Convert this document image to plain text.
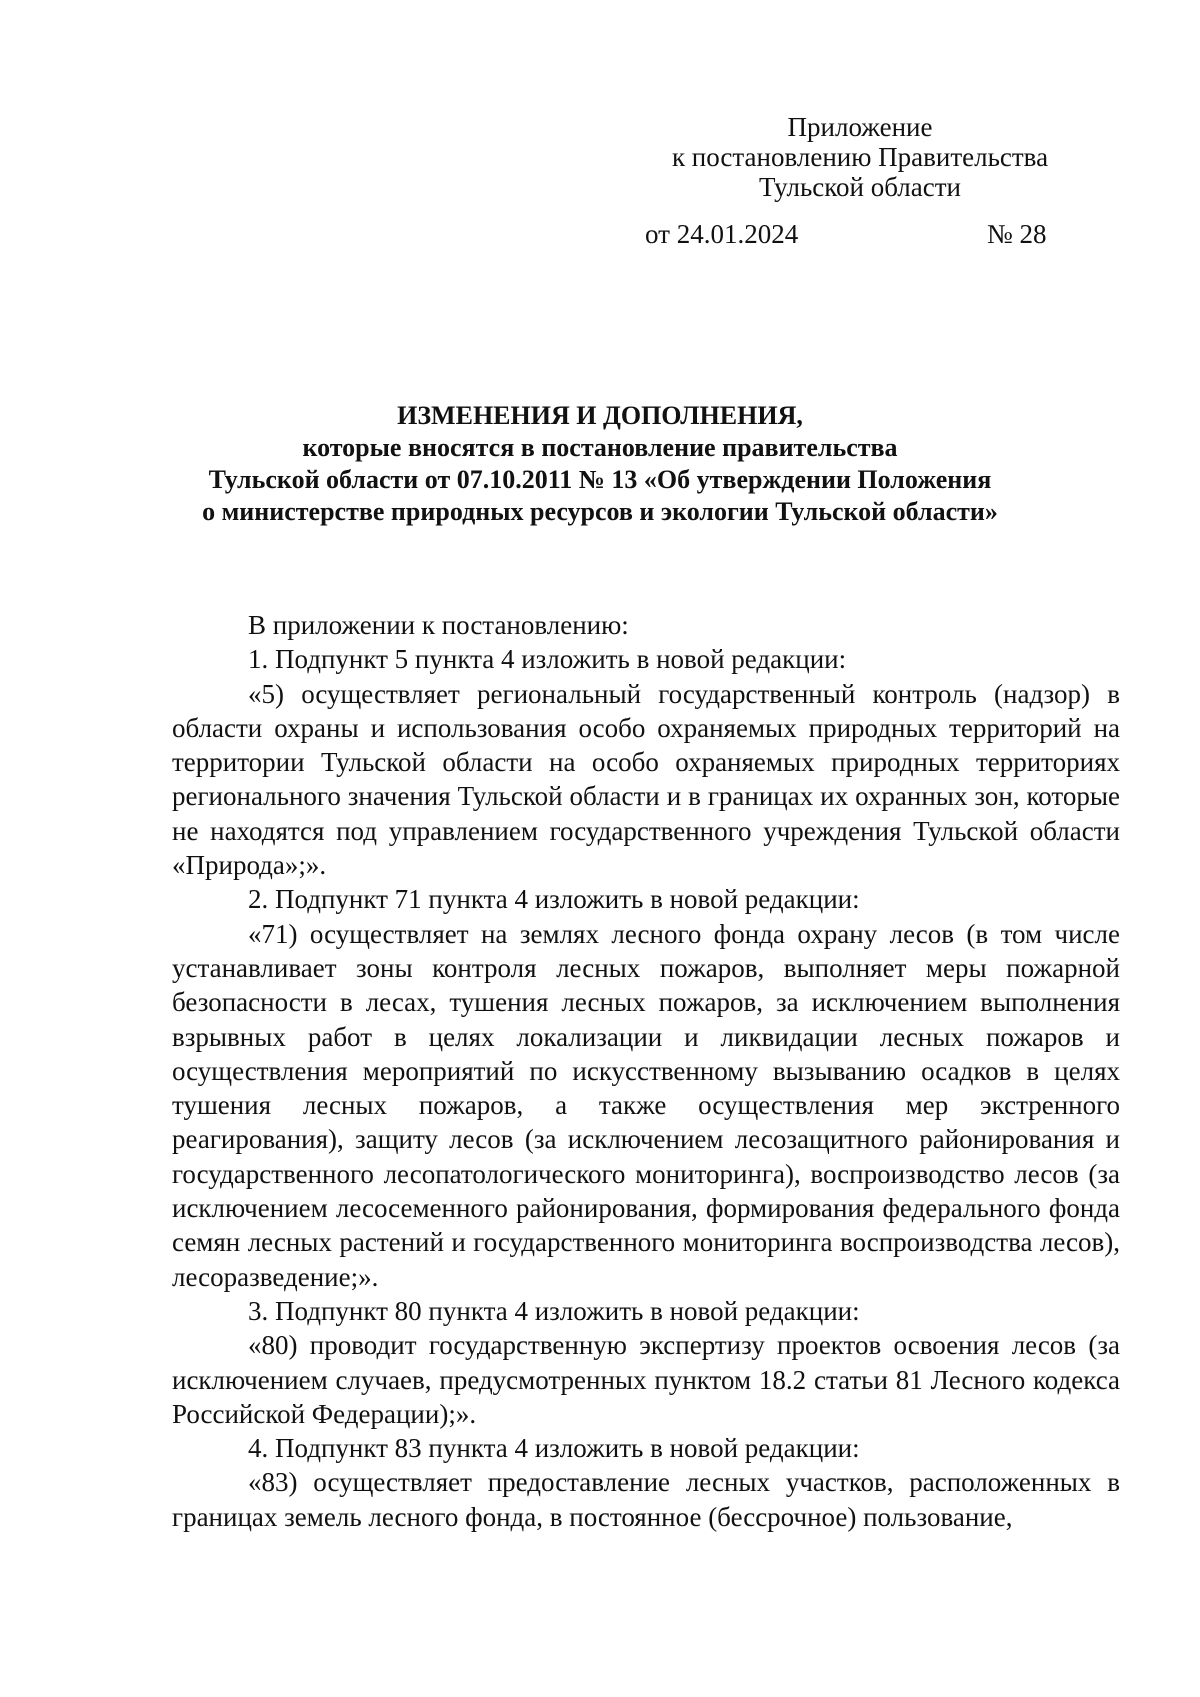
Приложение
к постановлению Правительства
Тульской области
от 24.01.2024	№ 28
ИЗМЕНЕНИЯ И ДОПОЛНЕНИЯ,
которые вносятся в постановление правительства
Тульской области от 07.10.2011 № 13 «Об утверждении Положения
о министерстве природных ресурсов и экологии Тульской области»

В приложении к постановлению:

1. Подпункт 5 пункта 4 изложить в новой редакции:

«5) осуществляет региональный государственный контроль (надзор) в области охраны и использования особо охраняемых природных территорий на территории Тульской области на особо охраняемых природных территориях регионального значения Тульской области и в границах их охранных зон, которые не находятся под управлением государственного учреждения Тульской области «Природа»;».

2. Подпункт 71 пункта 4 изложить в новой редакции:

«71) осуществляет на землях лесного фонда охрану лесов (в том числе устанавливает зоны контроля лесных пожаров, выполняет меры пожарной безопасности в лесах, тушения лесных пожаров, за исключением выполнения взрывных работ в целях локализации и ликвидации лесных пожаров и осуществления мероприятий по искусственному вызыванию осадков в целях тушения лесных пожаров, а также осуществления мер экстренного реагирования), защиту лесов (за исключением лесозащитного районирования и государственного лесопатологического мониторинга), воспроизводство лесов (за исключением лесосеменного районирования, формирования федерального фонда семян лесных растений и государственного мониторинга воспроизводства лесов), лесоразведение;».

3. Подпункт 80 пункта 4 изложить в новой редакции:

«80) проводит государственную экспертизу проектов освоения лесов (за исключением случаев, предусмотренных пунктом 18.2 статьи 81 Лесного кодекса Российской Федерации);».

4. Подпункт 83 пункта 4 изложить в новой редакции:

«83) осуществляет предоставление лесных участков, расположенных в границах земель лесного фонда, в постоянное (бессрочное) пользование,
